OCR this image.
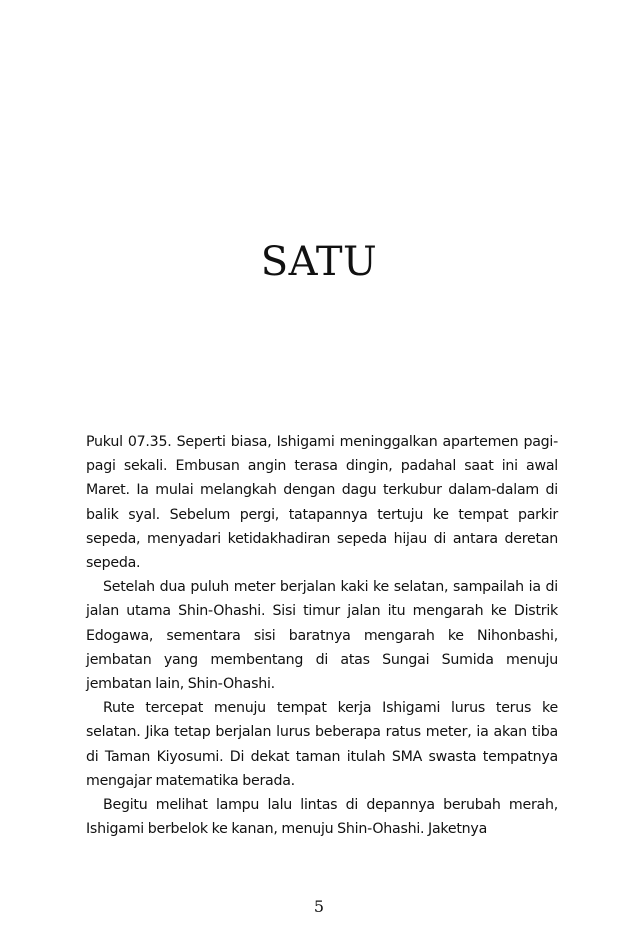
SATU

Pukul 07.35. Seperti biasa, Ishigami meninggalkan apartemen pagi-pagi sekali. Embusan angin terasa dingin, padahal saat ini awal Maret. Ia mulai melangkah dengan dagu terkubur dalam-dalam di balik syal. Sebelum pergi, tatapannya tertuju ke tempat parkir sepeda, menyadari ketidakhadiran sepeda hijau di antara deretan sepeda.

Setelah dua puluh meter berjalan kaki ke selatan, sampailah ia di jalan utama Shin-Ohashi. Sisi timur jalan itu mengarah ke Distrik Edogawa, sementara sisi baratnya mengarah ke Nihonbashi, jembatan yang membentang di atas Sungai Sumida menuju jembatan lain, Shin-Ohashi.

Rute tercepat menuju tempat kerja Ishigami lurus terus ke selatan. Jika tetap berjalan lurus beberapa ratus meter, ia akan tiba di Taman Kiyosumi. Di dekat taman itulah SMA swasta tempatnya mengajar matematika berada.

Begitu melihat lampu lalu lintas di depannya berubah merah, Ishigami berbelok ke kanan, menuju Shin-Ohashi. Jaketnya

5
